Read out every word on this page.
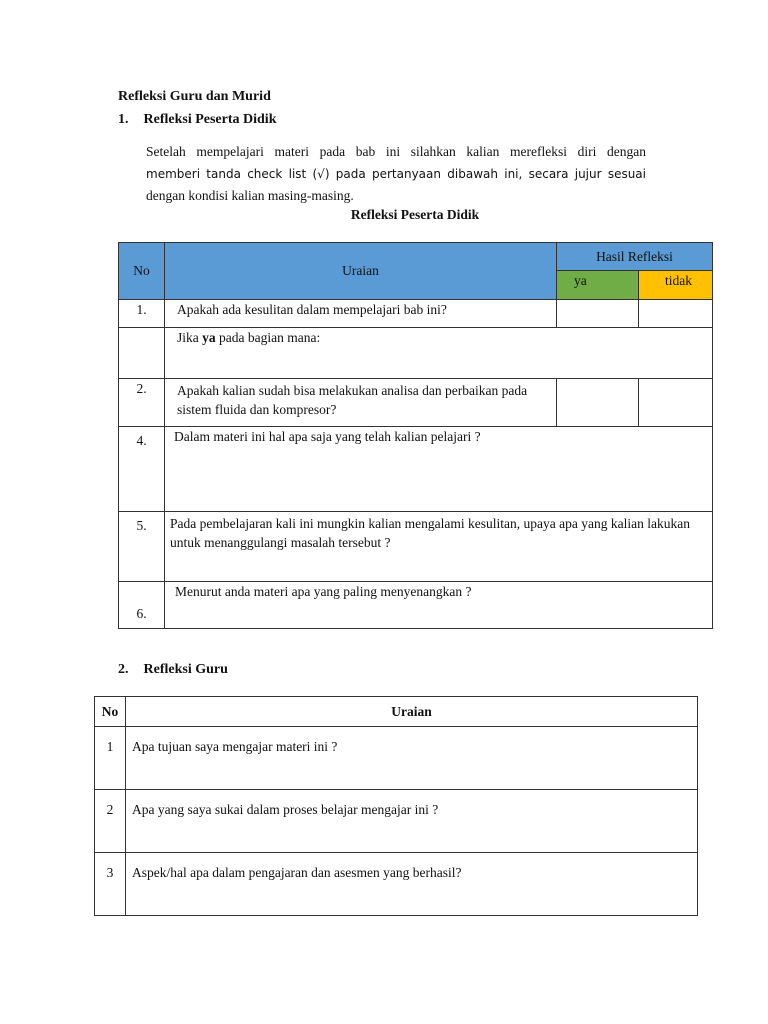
Refleksi Guru dan Murid
1. Refleksi Peserta Didik
Setelah mempelajari materi pada bab ini silahkan kalian merefleksi diri dengan
memberi tanda check list (√) pada pertanyaan dibawah ini, secara jujur sesuai
dengan kondisi kalian masing-masing.
Refleksi Peserta Didik
No	Uraian	Hasil Refleksi	
		ya	tidak
1.	Apakah ada kesulitan dalam mempelajari bab ini?		
	Jika ya pada bagian mana:		
2.	Apakah kalian sudah bisa melakukan analisa dan perbaikan pada sistem fluida dan kompresor?		
4.	Dalam materi ini hal apa saja yang telah kalian pelajari ?		
5.	Pada pembelajaran kali ini mungkin kalian mengalami kesulitan, upaya apa yang kalian lakukan untuk menanggulangi masalah tersebut ?		
6.	Menurut anda materi apa yang paling menyenangkan ?		
2. Refleksi Guru
No	Uraian
1	Apa tujuan saya mengajar materi ini ?
2	Apa yang saya sukai dalam proses belajar mengajar ini ?
3	Aspek/hal apa dalam pengajaran dan asesmen yang berhasil?
